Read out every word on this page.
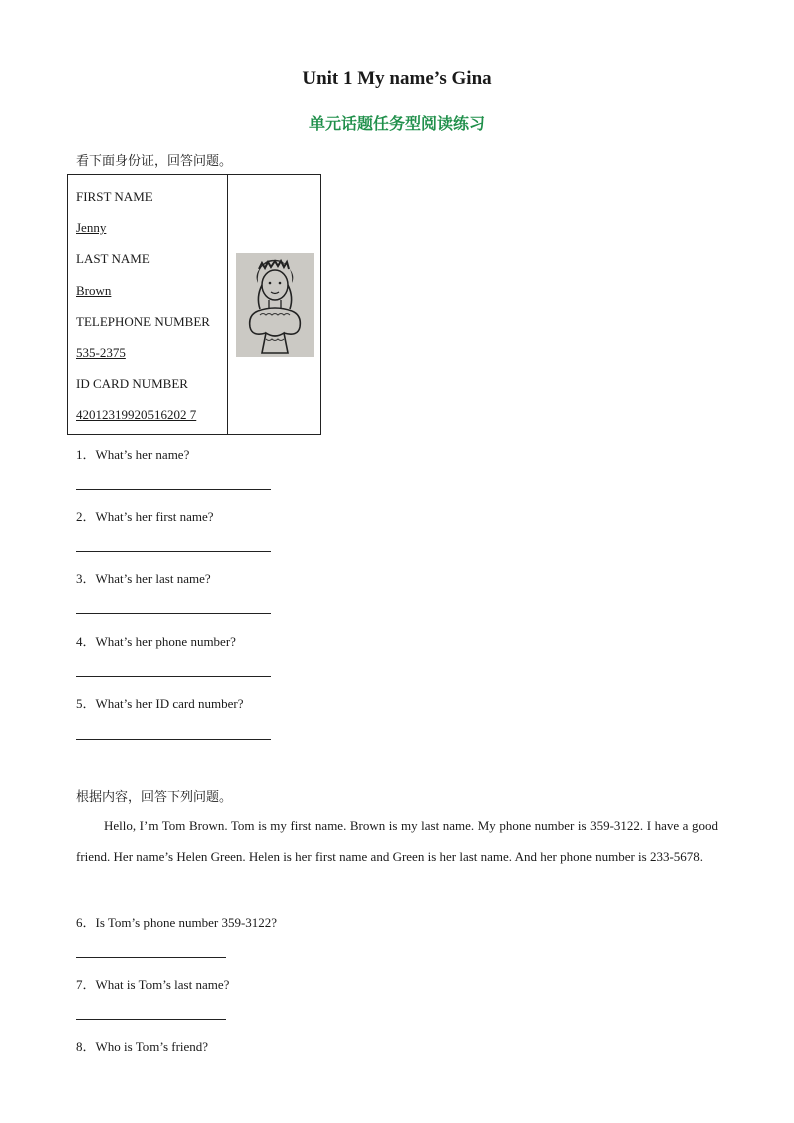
Unit 1 My name’s Gina
单元话题任务型阅读练习
看下面身份证，回答问题。
FIRST NAME
Jenny
LAST NAME
Brown
TELEPHONE NUMBER
535-2375
ID CARD NUMBER
42012319920516202 7
1．What’s her name?
2．What’s her first name?
3．What’s her last name?
4．What’s her phone number?
5．What’s her ID card number?
根据内容，回答下列问题。

Hello, I’m Tom Brown. Tom is my first name. Brown is my last name. My phone number is 359-3122. I have a good friend. Her name’s Helen Green. Helen is her first name and Green is her last name. And her phone number is 233-5678.

6．Is Tom’s phone number 359-3122?
7．What is Tom’s last name?
8．Who is Tom’s friend?
